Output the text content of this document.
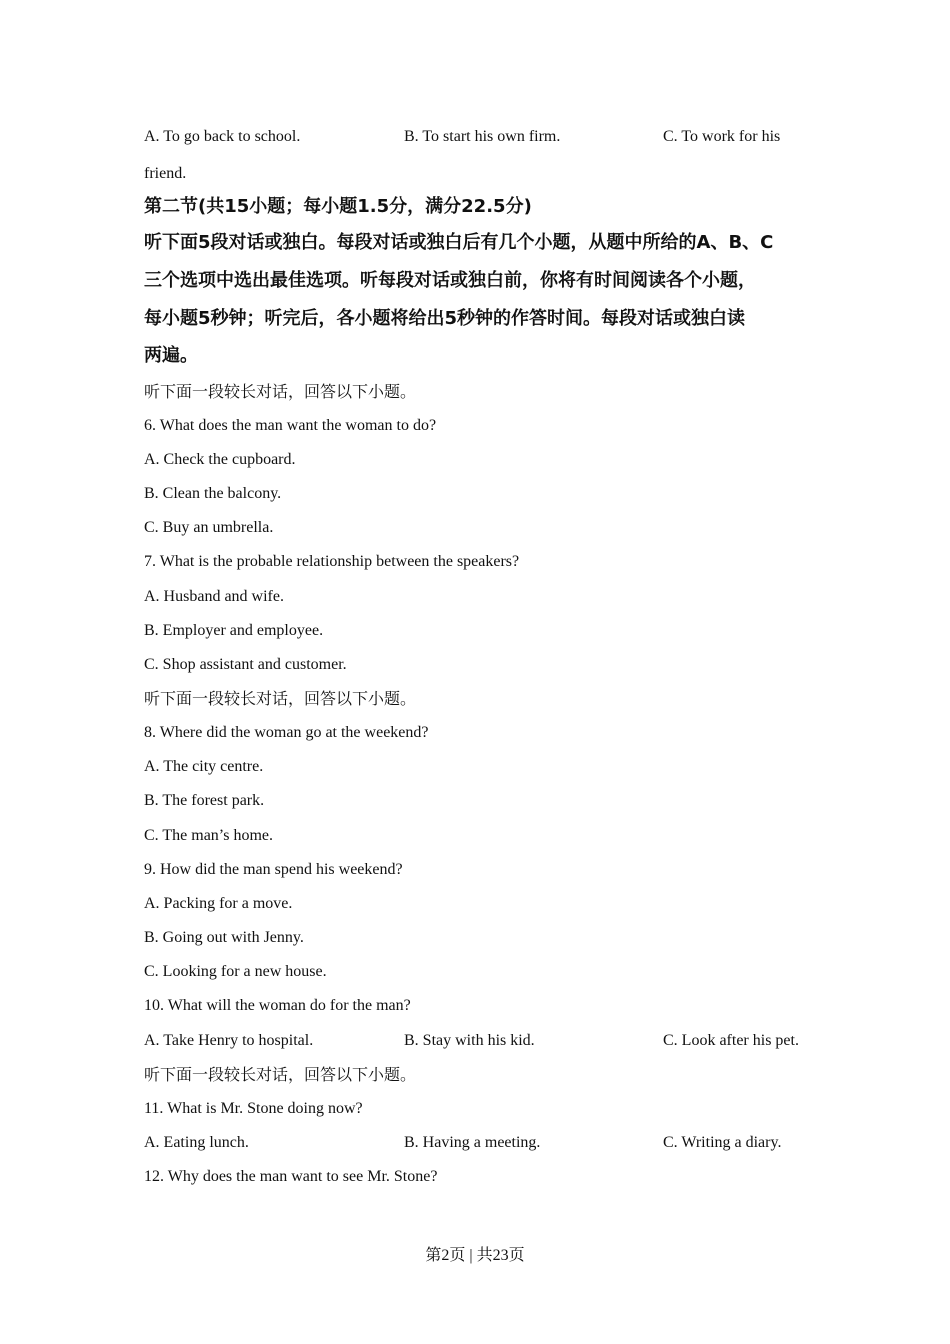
A. To go back to school.	B. To start his own firm.	C. To work for his
friend.
第二节(共15小题；每小题1.5分，满分22.5分)
听下面5段对话或独白。每段对话或独白后有几个小题，从题中所给的A、B、C
三个选项中选出最佳选项。听每段对话或独白前，你将有时间阅读各个小题，
每小题5秒钟；听完后，各小题将给出5秒钟的作答时间。每段对话或独白读
两遍。
听下面一段较长对话，回答以下小题。
6. What does the man want the woman to do?
A. Check the cupboard.
B. Clean the balcony.
C. Buy an umbrella.
7. What is the probable relationship between the speakers?
A. Husband and wife.
B. Employer and employee.
C. Shop assistant and customer.
听下面一段较长对话，回答以下小题。
8. Where did the woman go at the weekend?
A. The city centre.
B. The forest park.
C. The man’s home.
9. How did the man spend his weekend?
A. Packing for a move.
B. Going out with Jenny.
C. Looking for a new house.
10. What will the woman do for the man?
A. Take Henry to hospital.	B. Stay with his kid.	C. Look after his pet.
听下面一段较长对话，回答以下小题。
11. What is Mr. Stone doing now?
A. Eating lunch.	B. Having a meeting.	C. Writing a diary.
12. Why does the man want to see Mr. Stone?
第2页 | 共23页
